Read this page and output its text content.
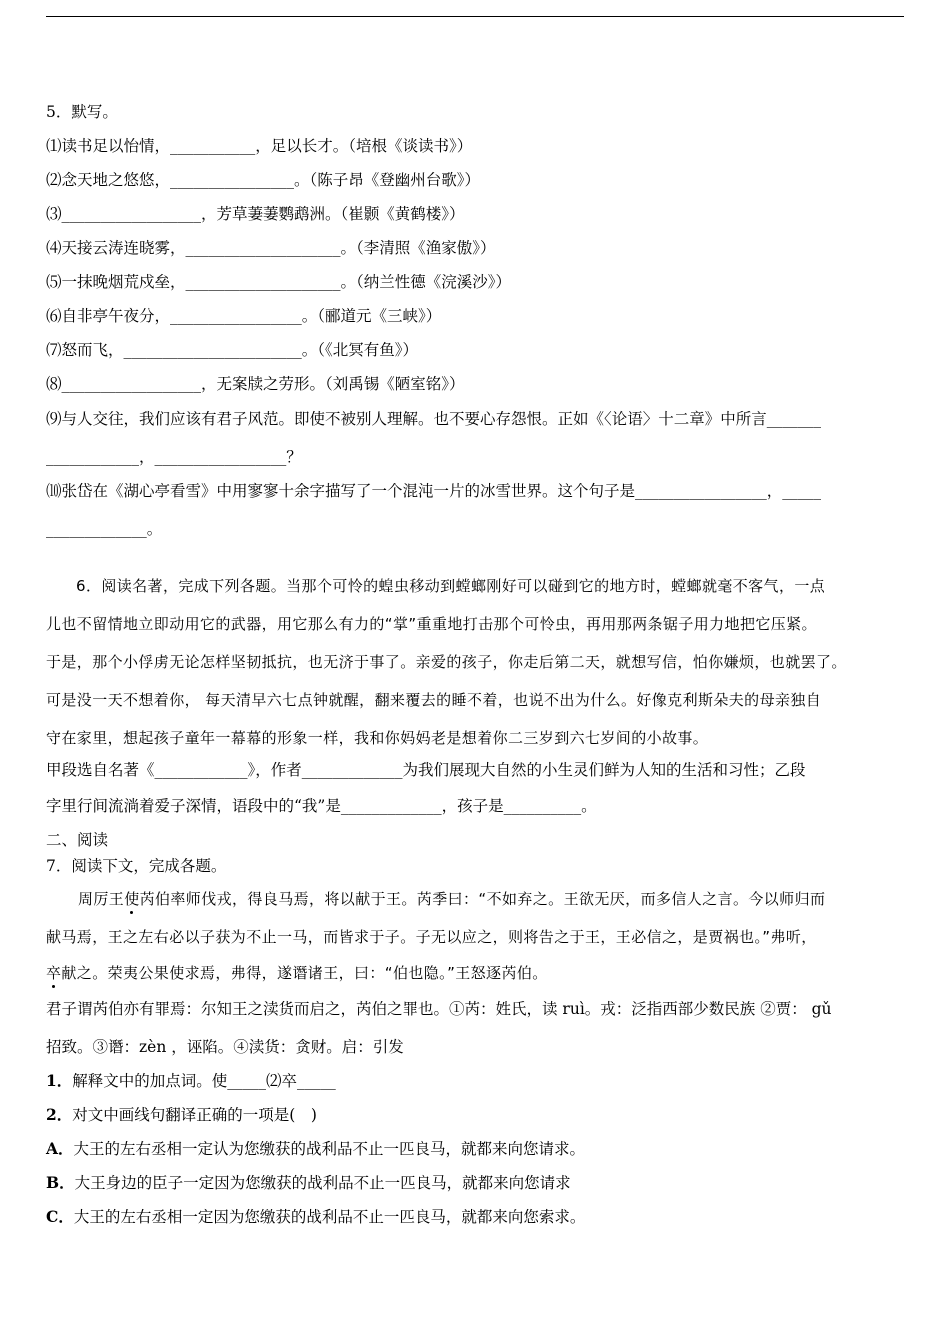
5．默写。
⑴读书足以怡情，___________，足以长才。（培根《谈读书》）
⑵念天地之悠悠，________________。（陈子昂《登幽州台歌》）
⑶__________________，芳草萋萋鹦鹉洲。（崔颢《黄鹤楼》）
⑷天接云涛连晓雾，____________________。（李清照《渔家傲》）
⑸一抹晚烟荒戍垒，____________________。（纳兰性德《浣溪沙》）
⑹自非亭午夜分，_________________。（郦道元《三峡》）
⑺怒而飞，_______________________。（《北冥有鱼》）
⑻__________________，无案牍之劳形。（刘禹锡《陋室铭》）
⑼与人交往，我们应该有君子风范。即使不被别人理解。也不要心存怨恨。正如《〈论语〉十二章》中所言_______
____________，_________________？
⑽张岱在《湖心亭看雪》中用寥寥十余字描写了一个混沌一片的冰雪世界。这个句子是_________________，_____
_____________。
6．阅读名著，完成下列各题。当那个可怜的蝗虫移动到螳螂刚好可以碰到它的地方时，螳螂就毫不客气，一点
儿也不留情地立即动用它的武器，用它那么有力的“掌”重重地打击那个可怜虫，再用那两条锯子用力地把它压紧。
于是，那个小俘虏无论怎样坚韧抵抗，也无济于事了。亲爱的孩子，你走后第二天，就想写信，怕你嫌烦，也就罢了。
可是没一天不想着你， 每天清早六七点钟就醒，翻来覆去的睡不着，也说不出为什么。好像克利斯朵夫的母亲独自
守在家里，想起孩子童年一幕幕的形象一样，我和你妈妈老是想着你二三岁到六七岁间的小故事。
甲段选自名著《____________》，作者_____________为我们展现大自然的小生灵们鲜为人知的生活和习性；乙段
字里行间流淌着爱子深情，语段中的“我”是_____________，孩子是__________。
二、阅读
7．阅读下文，完成各题。
周厉王使芮伯率师伐戎，得良马焉，将以献于王。芮季曰：“不如弃之。王欲无厌，而多信人之言。今以师归而
献马焉，王之左右必以子获为不止一马，而皆求于子。子无以应之，则将告之于王，王必信之，是贾祸也。”弗听，
卒献之。荣夷公果使求焉，弗得，遂谮诸王，曰：“伯也隐。”王怒逐芮伯。
君子谓芮伯亦有罪焉：尔知王之渎货而启之，芮伯之罪也。①芮：姓氏，读 ruì。戎：泛指西部少数民族 ②贾： gǔ
招致。③谮：zèn ，诬陷。④渎货：贪财。启：引发
1．解释文中的加点词。使_____⑵卒_____
2．对文中画线句翻译正确的一项是(　)
A．大王的左右丞相一定认为您缴获的战利品不止一匹良马，就都来向您请求。
B．大王身边的臣子一定因为您缴获的战利品不止一匹良马，就都来向您请求
C．大王的左右丞相一定因为您缴获的战利品不止一匹良马，就都来向您索求。
